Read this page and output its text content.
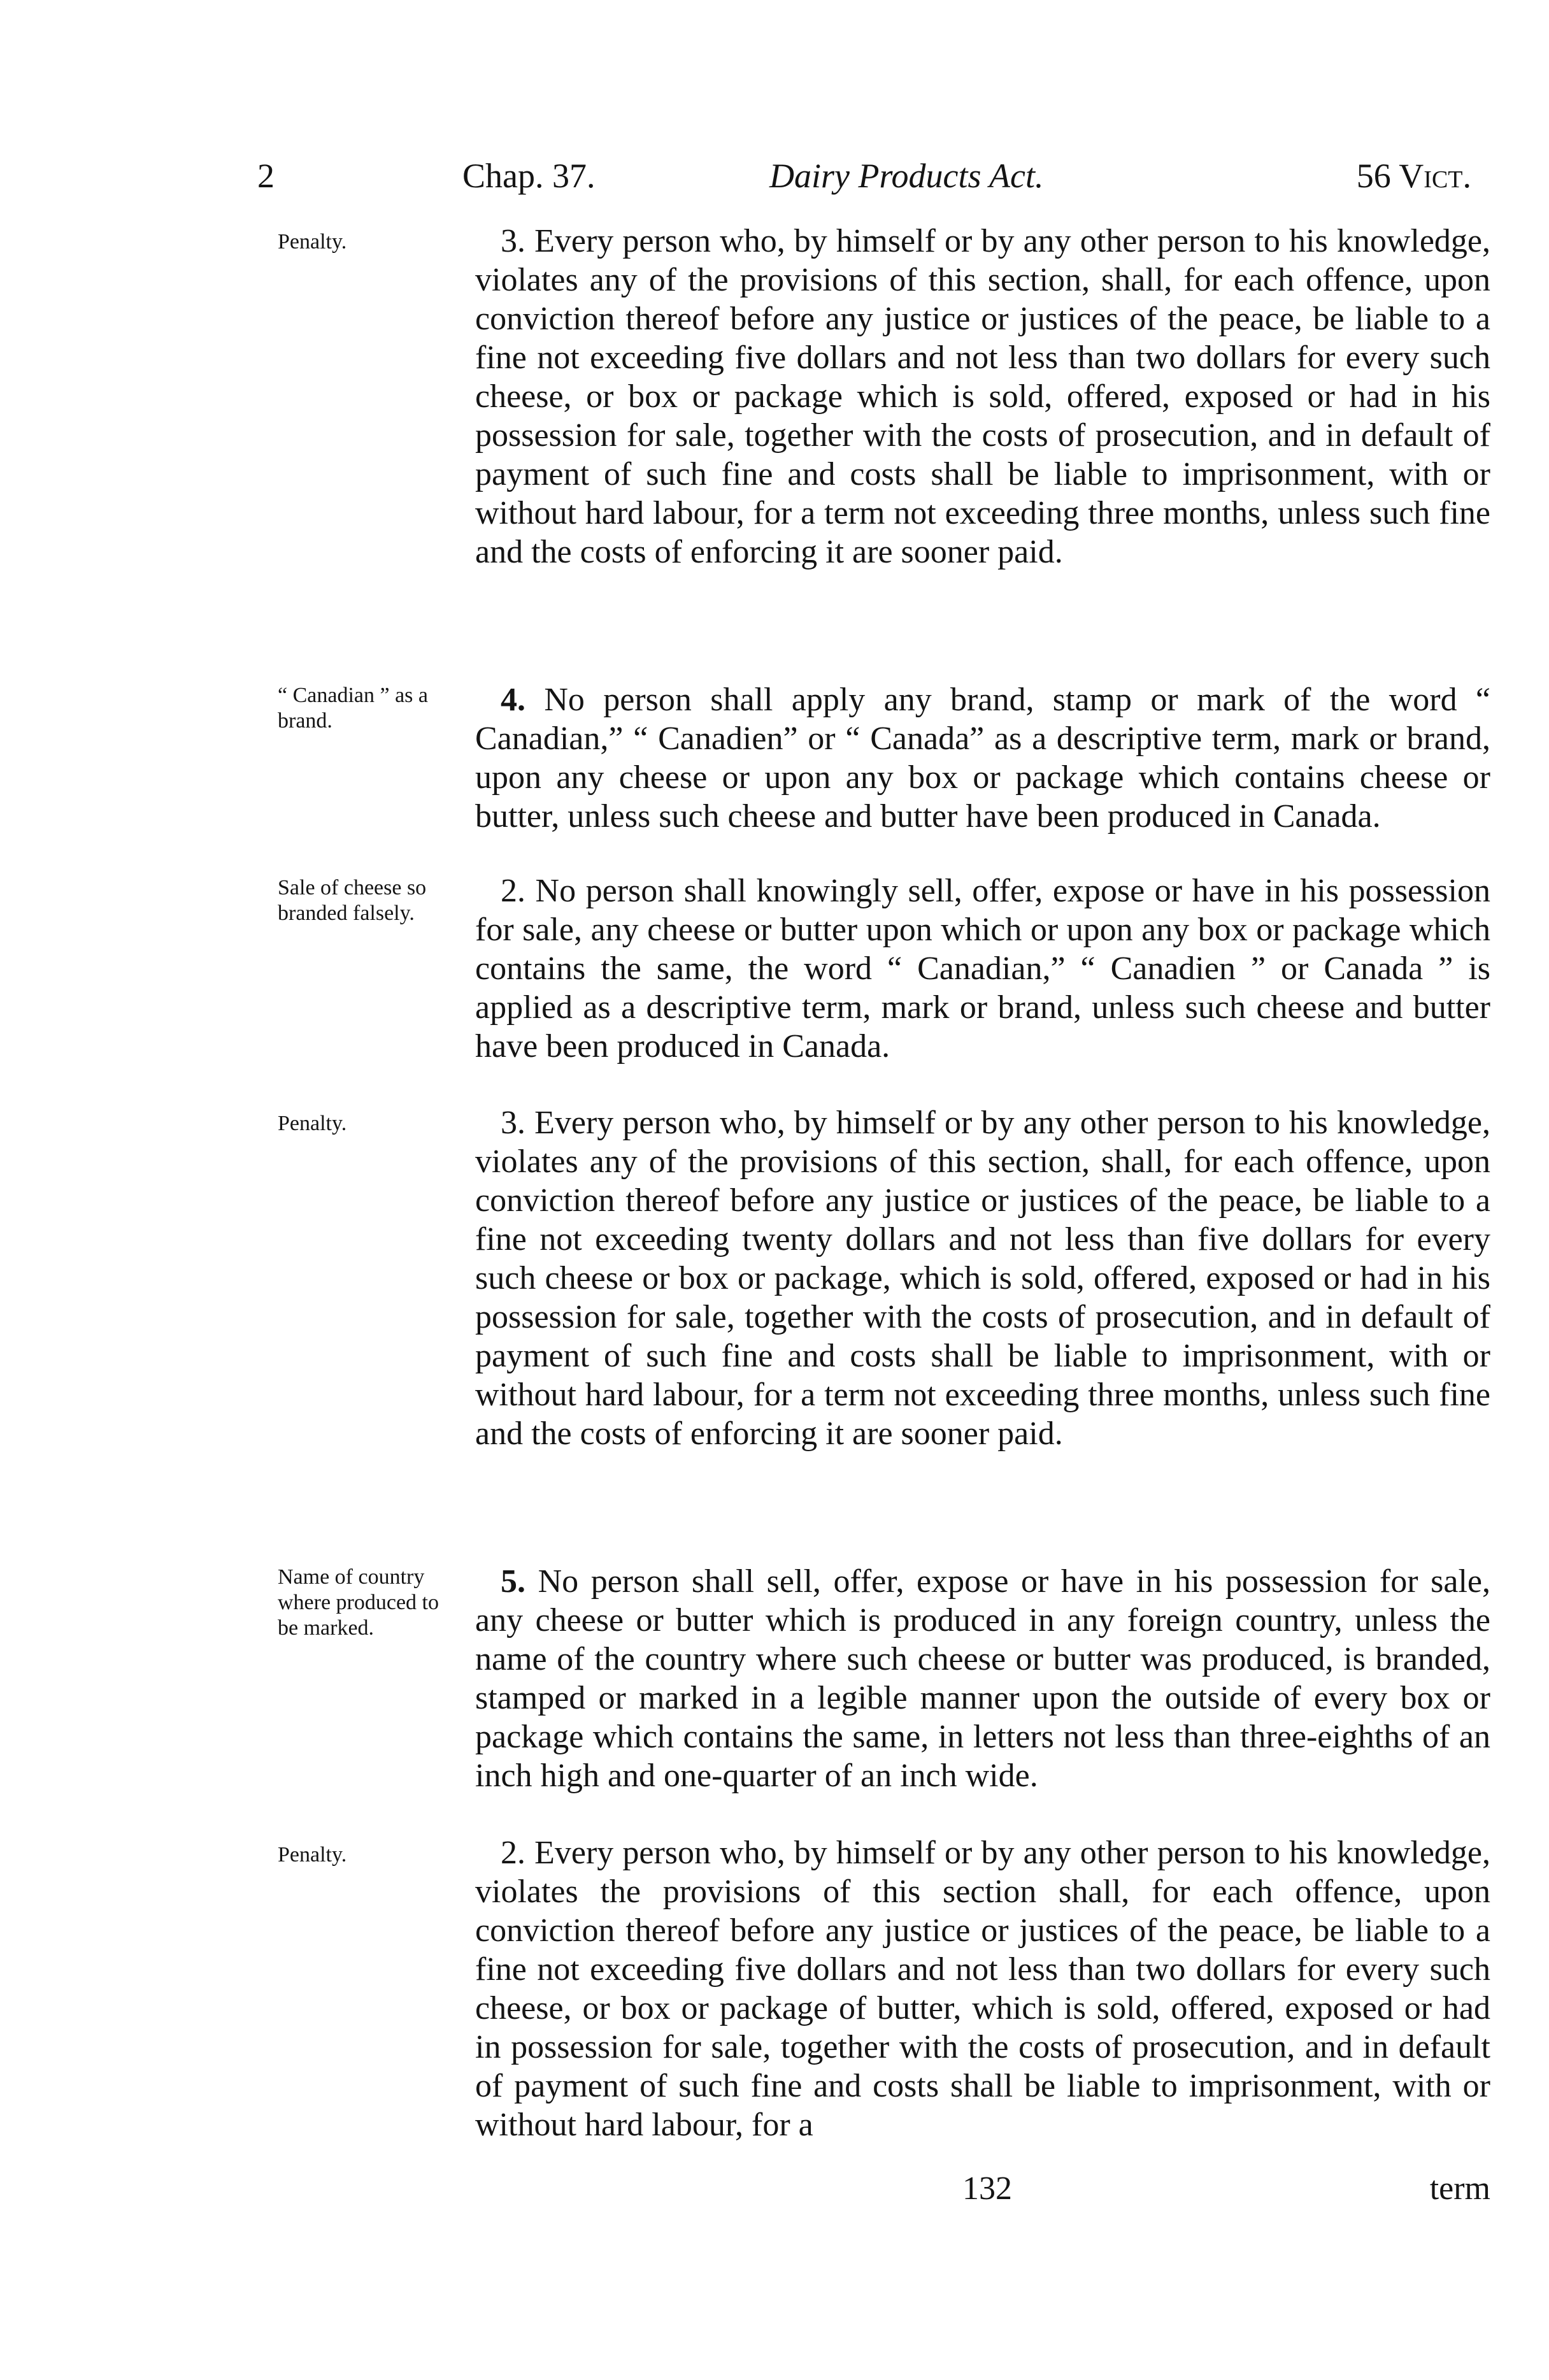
2	Chap. 37.	Dairy Products Act.	56 Vict.
Penalty.	3. Every person who, by himself or by any other person to his knowledge, violates any of the provisions of this section, shall, for each offence, upon conviction thereof before any justice or justices of the peace, be liable to a fine not exceeding five dollars and not less than two dollars for every such cheese, or box or package which is sold, offered, exposed or had in his possession for sale, together with the costs of prosecution, and in default of payment of such fine and costs shall be liable to imprisonment, with or without hard labour, for a term not exceeding three months, unless such fine and the costs of enforcing it are sooner paid.
“ Canadian ” as a brand.
4. No person shall apply any brand, stamp or mark of the word “ Canadian,” “ Canadien” or “ Canada” as a descriptive term, mark or brand, upon any cheese or upon any box or package which contains cheese or butter, unless such cheese and butter have been produced in Canada.
Sale of cheese so branded falsely.
2. No person shall knowingly sell, offer, expose or have in his possession for sale, any cheese or butter upon which or upon any box or package which contains the same, the word “ Canadian,” “ Canadien ” or Canada ” is applied as a descriptive term, mark or brand, unless such cheese and butter have been produced in Canada.
Penalty.	3. Every person who, by himself or by any other person to his knowledge, violates any of the provisions of this section, shall, for each offence, upon conviction thereof before any justice or justices of the peace, be liable to a fine not exceeding twenty dollars and not less than five dollars for every such cheese or box or package, which is sold, offered, exposed or had in his possession for sale, together with the costs of prosecution, and in default of payment of such fine and costs shall be liable to imprisonment, with or without hard labour, for a term not exceeding three months, unless such fine and the costs of enforcing it are sooner paid.
Name of country where produced to be marked.
5. No person shall sell, offer, expose or have in his possession for sale, any cheese or butter which is produced in any foreign country, unless the name of the country where such cheese or butter was produced, is branded, stamped or marked in a legible manner upon the outside of every box or package which contains the same, in letters not less than three-eighths of an inch high and one-quarter of an inch wide.
Penalty.	2. Every person who, by himself or by any other person to his knowledge, violates the provisions of this section shall, for each offence, upon conviction thereof before any justice or justices of the peace, be liable to a fine not exceeding five dollars and not less than two dollars for every such cheese, or box or package of butter, which is sold, offered, exposed or had in possession for sale, together with the costs of prosecution, and in default of payment of such fine and costs shall be liable to imprisonment, with or without hard labour, for a
132	term
